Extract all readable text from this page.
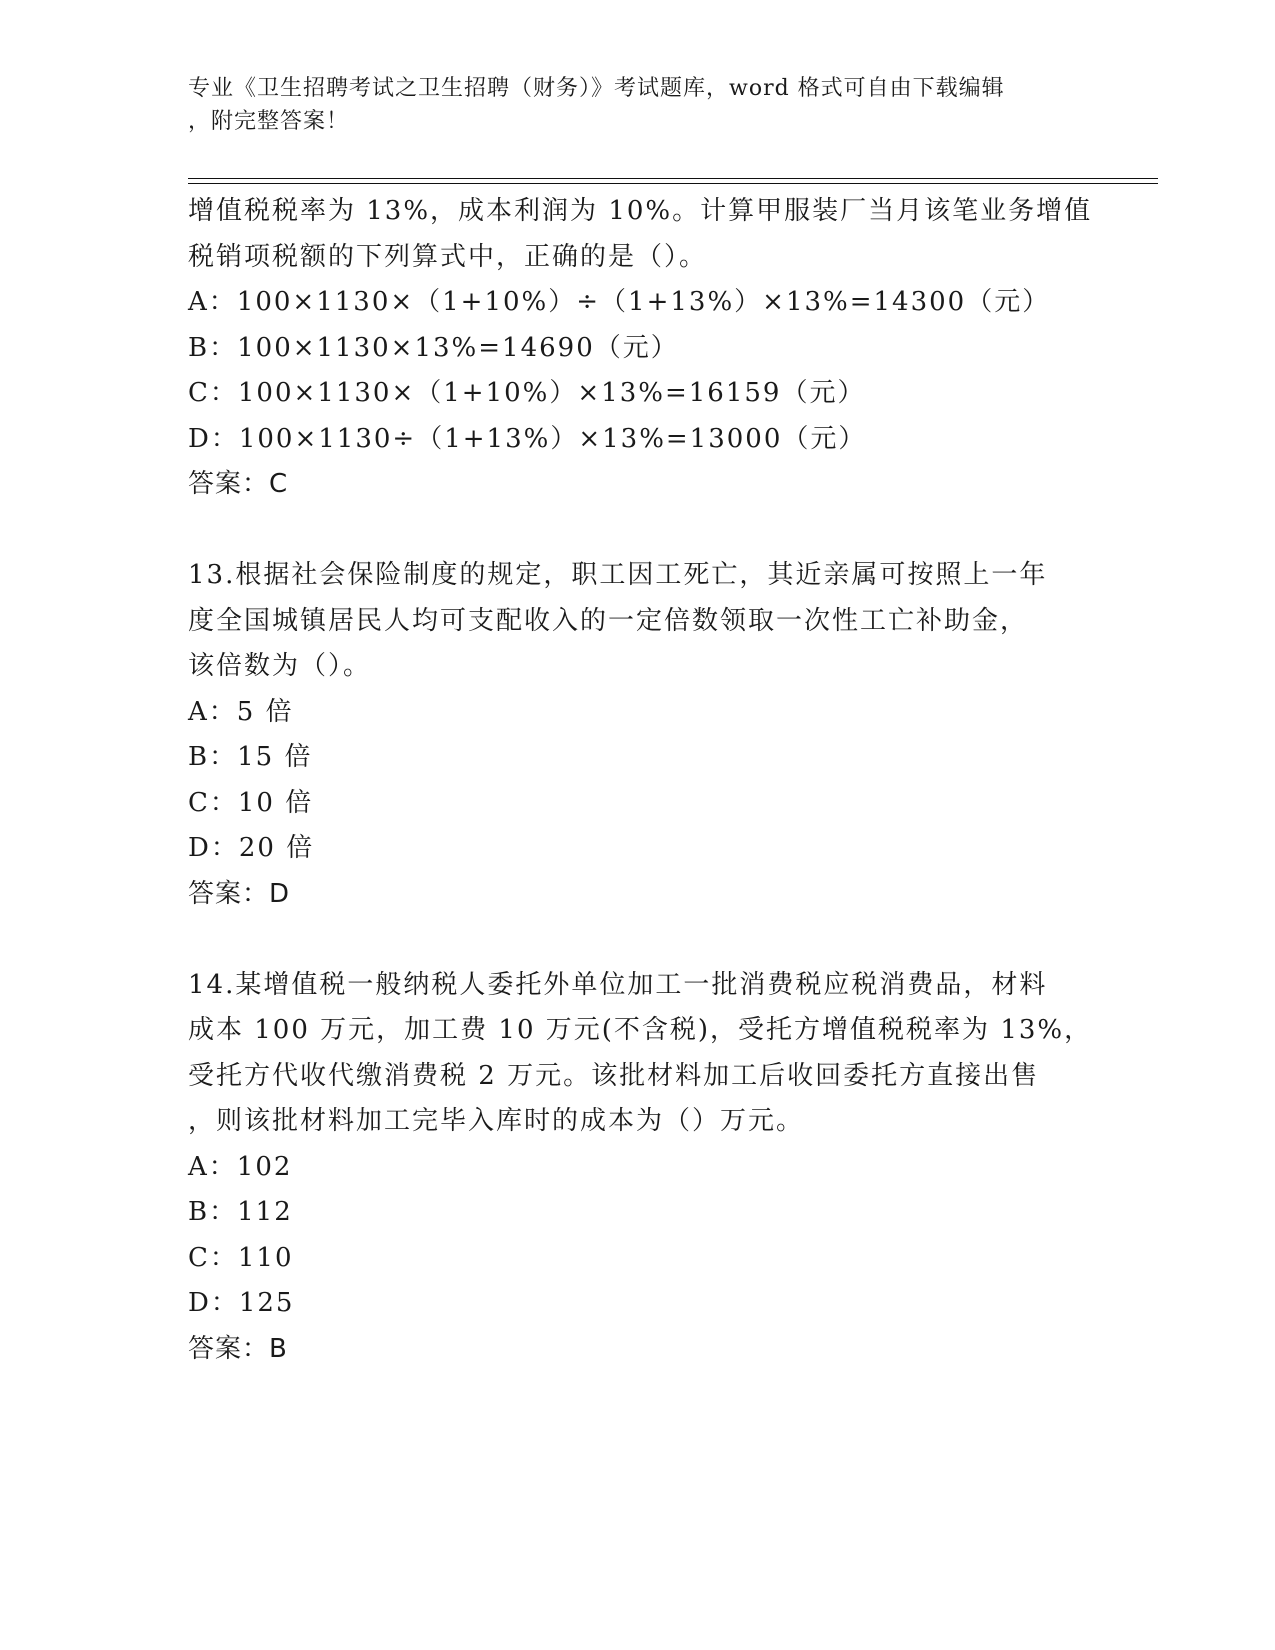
专业《卫生招聘考试之卫生招聘（财务）》考试题库，word 格式可自由下载编辑
，附完整答案！
增值税税率为 13%，成本利润为 10%。计算甲服装厂当月该笔业务增值
税销项税额的下列算式中，正确的是（）。
A：100×1130×（1+10%）÷（1+13%）×13%=14300（元）
B：100×1130×13%=14690（元）
C：100×1130×（1+10%）×13%=16159（元）
D：100×1130÷（1+13%）×13%=13000（元）
答案：C
13.根据社会保险制度的规定，职工因工死亡，其近亲属可按照上一年
度全国城镇居民人均可支配收入的一定倍数领取一次性工亡补助金，
该倍数为（）。
A：5 倍
B：15 倍
C：10 倍
D：20 倍
答案：D
14.某增值税一般纳税人委托外单位加工一批消费税应税消费品，材料
成本 100 万元，加工费 10 万元(不含税)，受托方增值税税率为 13%，
受托方代收代缴消费税 2 万元。该批材料加工后收回委托方直接出售
，则该批材料加工完毕入库时的成本为（）万元。
A：102
B：112
C：110
D：125
答案：B
